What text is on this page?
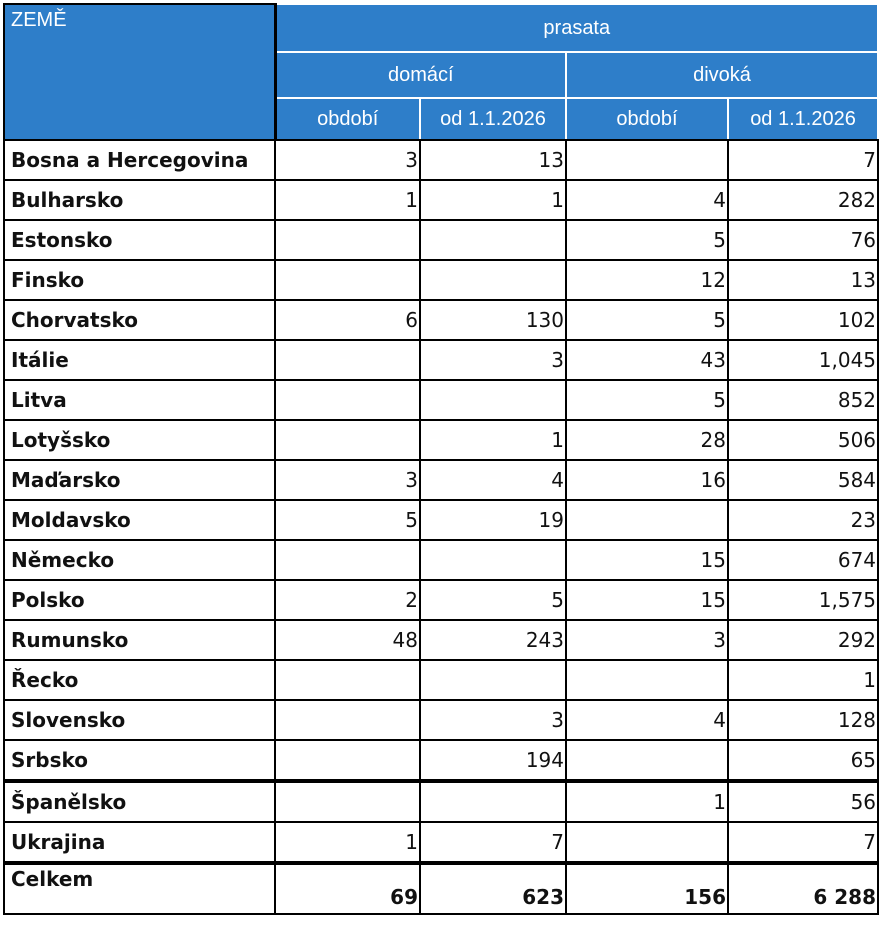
ZEMĚ	prasata			
	domácí		divoká	
	období	od 1.1.2026	období	od 1.1.2026
Bosna a Hercegovina	3	13		7
Bulharsko	1	1	4	282
Estonsko			5	76
Finsko			12	13
Chorvatsko	6	130	5	102
Itálie		3	43	1,045
Litva			5	852
Lotyšsko		1	28	506
Maďarsko	3	4	16	584
Moldavsko	5	19		23
Německo			15	674
Polsko	2	5	15	1,575
Rumunsko	48	243	3	292
Řecko				1
Slovensko		3	4	128
Srbsko		194		65
Španělsko			1	56
Ukrajina	1	7		7
Celkem	69	623	156	6 288
